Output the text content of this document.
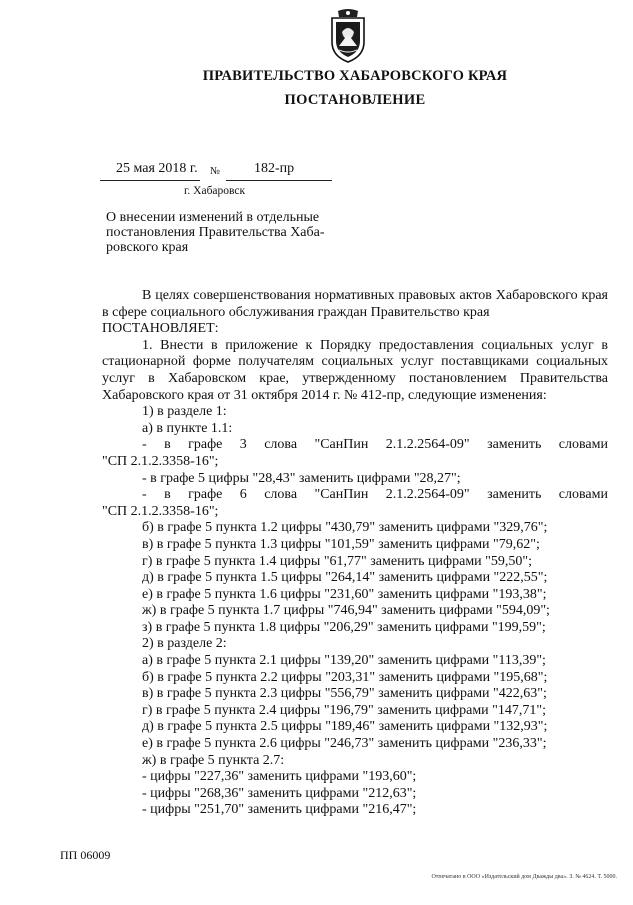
ПРАВИТЕЛЬСТВО ХАБАРОВСКОГО КРАЯ
ПОСТАНОВЛЕНИЕ
25 мая 2018 г. № 182-пр
г. Хабаровск
О внесении изменений в отдельные
постановления Правительства Хаба-
ровского края
В целях совершенствования нормативных правовых актов Хабаровского края в сфере социального обслуживания граждан Правительство края
ПОСТАНОВЛЯЕТ:
1. Внести в приложение к Порядку предоставления социальных услуг в стационарной форме получателям социальных услуг поставщиками социальных услуг в Хабаровском крае, утвержденному постановлением Правительства Хабаровского края от 31 октября 2014 г. № 412-пр, следующие изменения:
1) в разделе 1:
а) в пункте 1.1:
- в графе 3 слова "СанПин 2.1.2.2564-09" заменить словами
"СП 2.1.2.3358-16";
- в графе 5 цифры "28,43" заменить цифрами "28,27";
- в графе 6 слова "СанПин 2.1.2.2564-09" заменить словами
"СП 2.1.2.3358-16";
б) в графе 5 пункта 1.2 цифры "430,79" заменить цифрами "329,76";
в) в графе 5 пункта 1.3 цифры "101,59" заменить цифрами "79,62";
г) в графе 5 пункта 1.4 цифры "61,77" заменить цифрами "59,50";
д) в графе 5 пункта 1.5 цифры "264,14" заменить цифрами "222,55";
е) в графе 5 пункта 1.6 цифры "231,60" заменить цифрами "193,38";
ж) в графе 5 пункта 1.7 цифры "746,94" заменить цифрами "594,09";
з) в графе 5 пункта 1.8 цифры "206,29" заменить цифрами "199,59";
2) в разделе 2:
а) в графе 5 пункта 2.1 цифры "139,20" заменить цифрами "113,39";
б) в графе 5 пункта 2.2 цифры "203,31" заменить цифрами "195,68";
в) в графе 5 пункта 2.3 цифры "556,79" заменить цифрами "422,63";
г) в графе 5 пункта 2.4 цифры "196,79" заменить цифрами "147,71";
д) в графе 5 пункта 2.5 цифры "189,46" заменить цифрами "132,93";
е) в графе 5 пункта 2.6 цифры "246,73" заменить цифрами "236,33";
ж) в графе 5 пункта 2.7:
- цифры "227,36" заменить цифрами "193,60";
- цифры "268,36" заменить цифрами "212,63";
- цифры "251,70" заменить цифрами "216,47";
ПП 06009
Отпечатано в ООО «Издательский дом Дважды два». З. № 4624. Т. 5000.
